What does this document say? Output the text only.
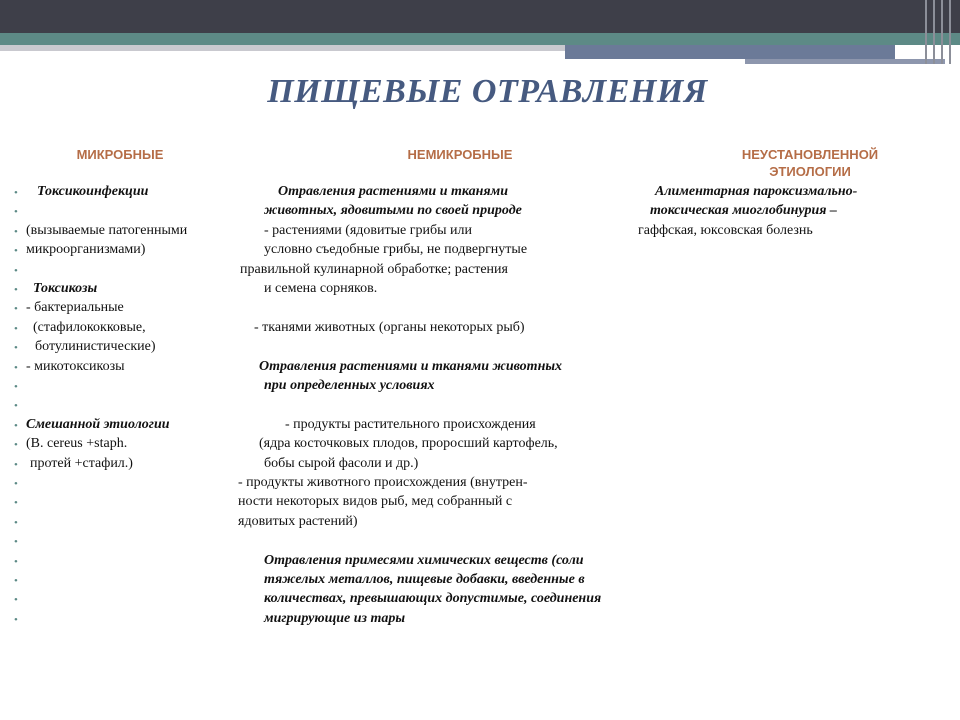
ПИЩЕВЫЕ ОТРАВЛЕНИЯ
МИКРОБНЫЕ	НЕМИКРОБНЫЕ	НЕУСТАНОВЛЕННОЙ
ЭТИОЛОГИИ
• Токсикоинфекции	Отравления растениями и тканями	Алиментарная пароксизмально-
•	животных, ядовитыми по своей природе	токсическая миоглобинурия –
• (вызываемые патогенными	- растениями (ядовитые грибы или	гаффская, юксовская болезнь
• микроорганизмами)	условно съедобные грибы, не подвергнутые
•	правильной кулинарной обработке; растения
• Токсикозы	и семена сорняков.
• - бактериальные
• (стафилококковые,	- тканями животных (органы некоторых рыб)
• ботулинистические)
• - микотоксикозы	Отравления растениями и тканями животных
•	при определенных условиях
•
• Смешанной этиологии	- продукты растительного происхождения
• (B. cereus +staph.	(ядра косточковых плодов, проросший картофель,
• протей +стафил.)	бобы сырой фасоли и др.)
•	- продукты животного происхождения (внутрен-
•	ности некоторых видов рыб, мед собранный с
•	ядовитых растений)
•
•	Отравления примесями химических веществ (соли
•	тяжелых металлов, пищевые добавки, введенные в
•	количествах, превышающих допустимые, соединения
•	мигрирующие из тары
